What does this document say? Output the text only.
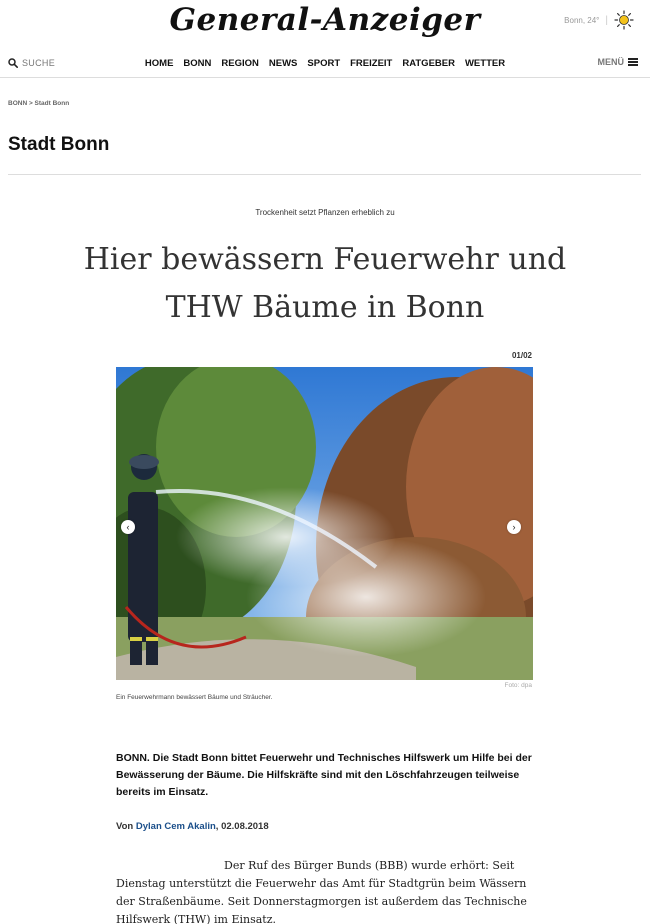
General-Anzeiger	Bonn, 24° |
SUCHE	HOME BONN REGION NEWS SPORT FREIZEIT RATGEBER WETTER	MENÜ
BONN > Stadt Bonn
Stadt Bonn
Trockenheit setzt Pflanzen erheblich zu
Hier bewässern Feuerwehr und THW Bäume in Bonn
01/02
‹	›
Foto: dpa
Ein Feuerwehrmann bewässert Bäume und Sträucher.

BONN. Die Stadt Bonn bittet Feuerwehr und Technisches Hilfswerk um Hilfe bei der Bewässerung der Bäume. Die Hilfskräfte sind mit den Löschfahrzeugen teilweise bereits im Einsatz.

Von Dylan Cem Akalin, 02.08.2018

Der Ruf des Bürger Bunds (BBB) wurde erhört: Seit Dienstag unterstützt die Feuerwehr das Amt für Stadtgrün beim Wässern der Straßenbäume. Seit Donnerstagmorgen ist außerdem das Technische Hilfswerk (THW) im Einsatz.
